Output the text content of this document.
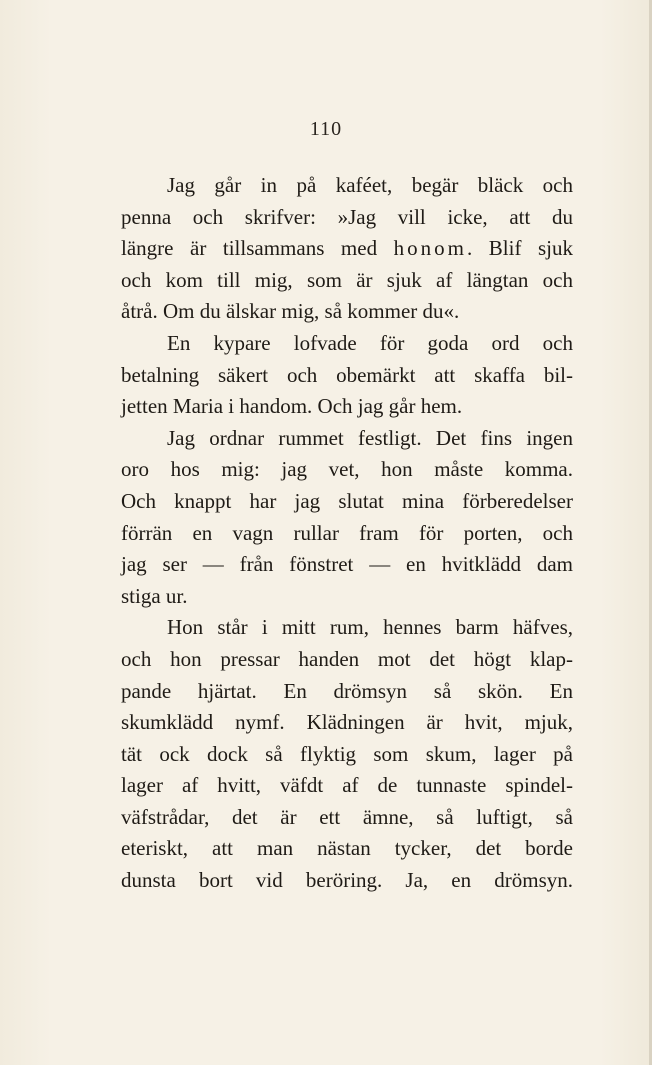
110
Jag går in på kaféet, begär bläck och
penna och skrifver: »Jag vill icke, att du
längre är tillsammans med honom. Blif sjuk
och kom till mig, som är sjuk af längtan och
åtrå. Om du älskar mig, så kommer du«.
En kypare lofvade för goda ord och
betalning säkert och obemärkt att skaffa bil-
jetten Maria i handom. Och jag går hem.
Jag ordnar rummet festligt. Det fins ingen
oro hos mig: jag vet, hon måste komma.
Och knappt har jag slutat mina förberedelser
förrän en vagn rullar fram för porten, och
jag ser — från fönstret — en hvitklädd dam
stiga ur.
Hon står i mitt rum, hennes barm häfves,
och hon pressar handen mot det högt klap-
pande hjärtat. En drömsyn så skön. En
skumklädd nymf. Klädningen är hvit, mjuk,
tät ock dock så flyktig som skum, lager på
lager af hvitt, väfdt af de tunnaste spindel-
väfstrådar, det är ett ämne, så luftigt, så
eteriskt, att man nästan tycker, det borde
dunsta bort vid beröring. Ja, en drömsyn.
